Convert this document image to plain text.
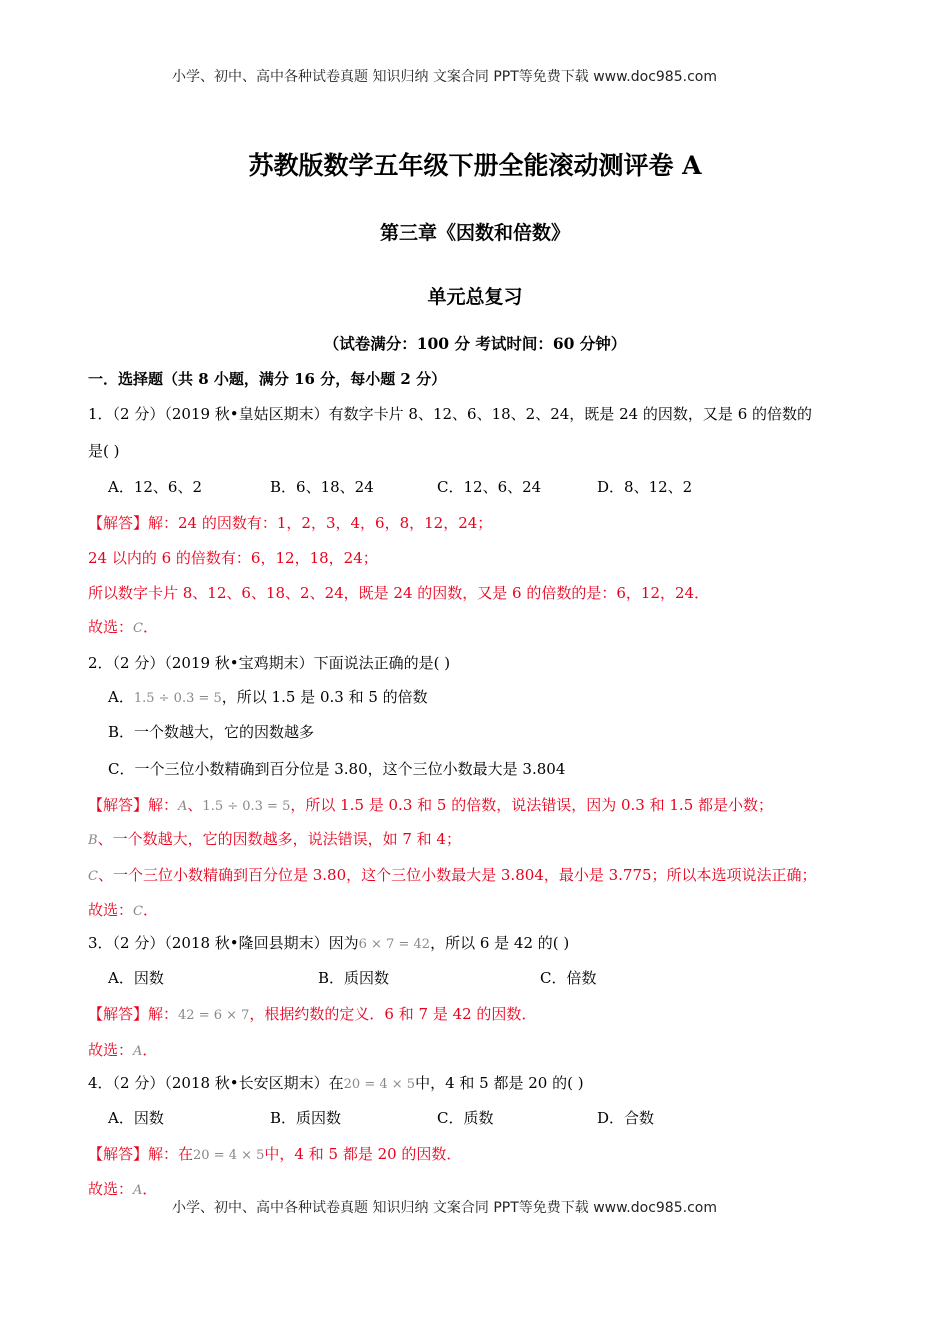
小学、初中、高中各种试卷真题 知识归纳 文案合同 PPT等免费下载 www.doc985.com
苏教版数学五年级下册全能滚动测评卷 A
第三章《因数和倍数》
单元总复习
（试卷满分：100 分 考试时间：60 分钟）
一．选择题（共 8 小题，满分 16 分，每小题 2 分）
1．（2 分）（2019 秋•皇姑区期末）有数字卡片 8、12、6、18、2、24，既是 24 的因数，又是 6 的倍数的
是( )
A．12、6、2	B．6、18、24	C．12、6、24	D．8、12、2
【解答】解：24 的因数有：1，2，3，4，6，8，12，24；
24 以内的 6 的倍数有：6，12，18，24；
所以数字卡片 8、12、6、18、2、24，既是 24 的因数，又是 6 的倍数的是：6，12，24．
故选：C．
2．（2 分）（2019 秋•宝鸡期末）下面说法正确的是( )
A．1.5 ÷ 0.3 = 5，所以 1.5 是 0.3 和 5 的倍数
B．一个数越大，它的因数越多
C．一个三位小数精确到百分位是 3.80，这个三位小数最大是 3.804
【解答】解：A、1.5 ÷ 0.3 = 5，所以 1.5 是 0.3 和 5 的倍数，说法错误，因为 0.3 和 1.5 都是小数；
B、一个数越大，它的因数越多，说法错误，如 7 和 4；
C、一个三位小数精确到百分位是 3.80，这个三位小数最大是 3.804，最小是 3.775；所以本选项说法正确；
故选：C．
3．（2 分）（2018 秋•隆回县期末）因为6 × 7 = 42，所以 6 是 42 的( )
A．因数	B．质因数	C．倍数
【解答】解：42 = 6 × 7，根据约数的定义．6 和 7 是 42 的因数．
故选：A．
4．（2 分）（2018 秋•长安区期末）在20 = 4 × 5中，4 和 5 都是 20 的( )
A．因数	B．质因数	C．质数	D．合数
【解答】解：在20 = 4 × 5中，4 和 5 都是 20 的因数．
故选：A．
小学、初中、高中各种试卷真题 知识归纳 文案合同 PPT等免费下载 www.doc985.com
